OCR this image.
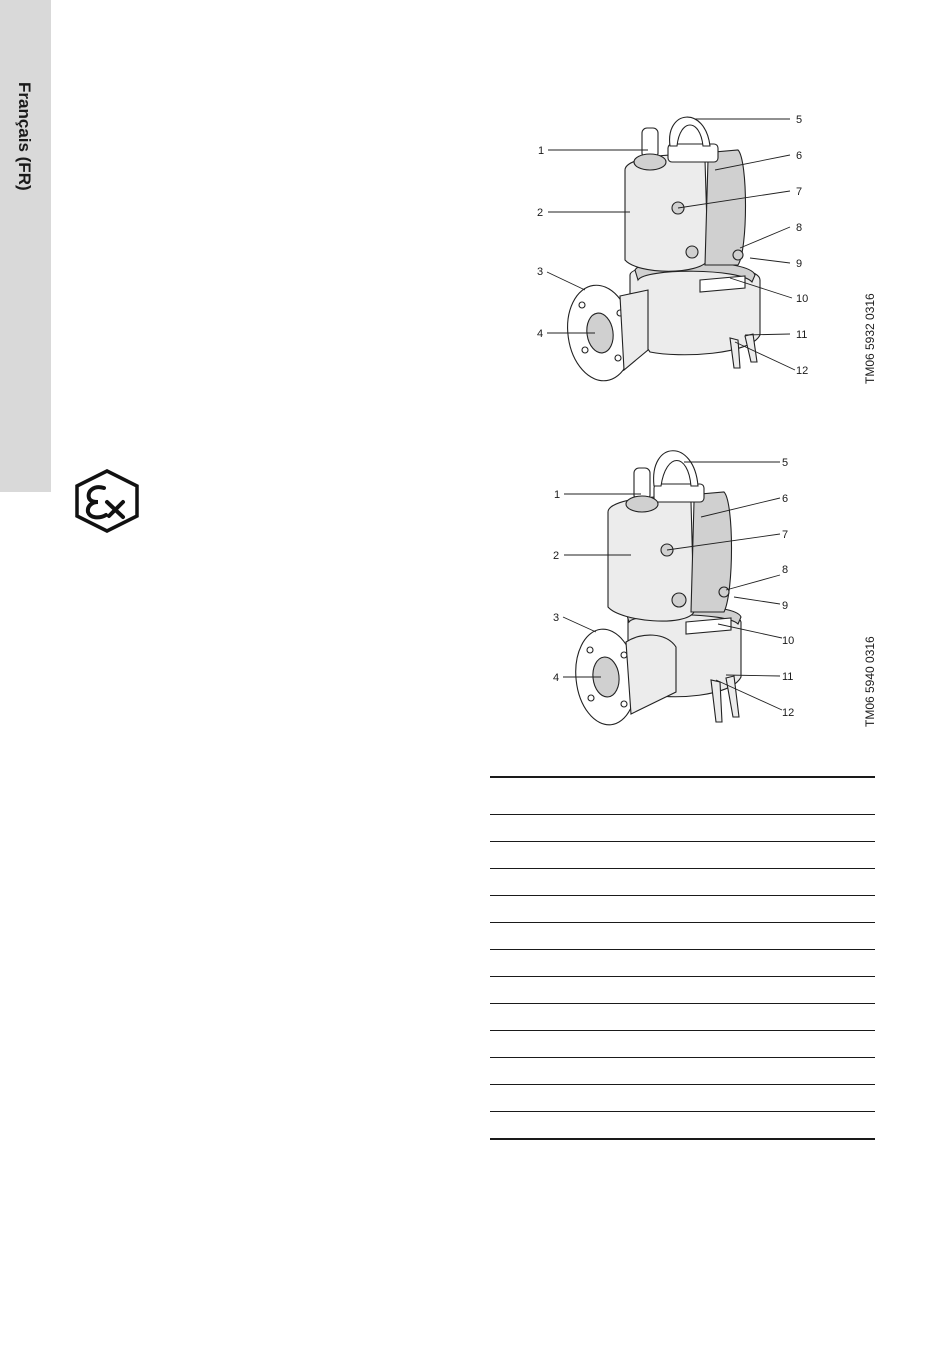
Français (FR)	1
2
3
4
5
6
7
8
9
10
11
12	TM06 5932 0316
1
2
3
4
5
6
7
8
9
10
11
12	TM06 5940 0316
